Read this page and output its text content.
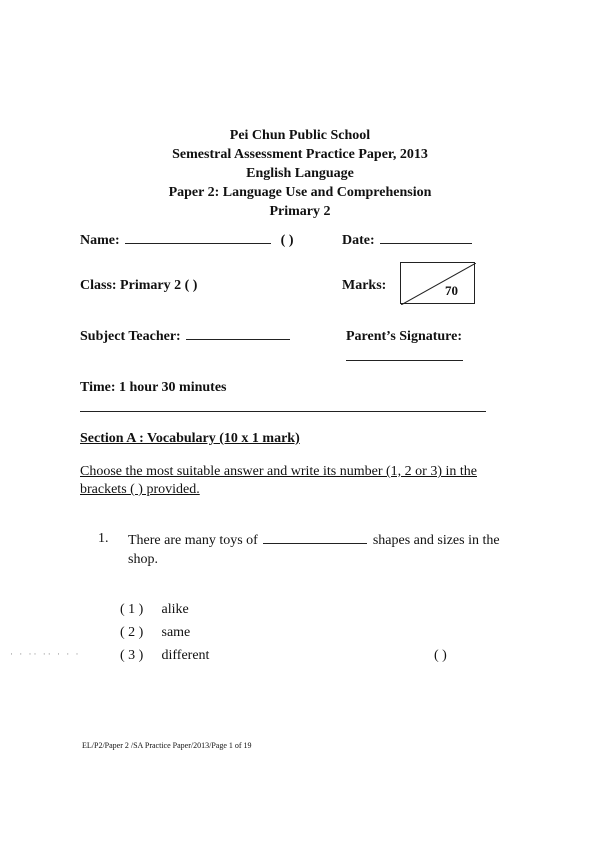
Pei Chun Public School
Semestral Assessment Practice Paper, 2013
English Language
Paper 2: Language Use and Comprehension
Primary 2
Name:	( )	Date:
Class: Primary 2 ( )	Marks:	70
Subject Teacher:	Parent’s Signature:
Time: 1 hour 30 minutes
Section A : Vocabulary (10 x 1 mark)
Choose the most suitable answer and write its number (1, 2 or 3) in the brackets ( ) provided.
1. There are many toys of	shapes and sizes in the shop.
( 1 ) alike
( 2 ) same
( 3 ) different	( )
· · ·· ·· · · ·
EL/P2/Paper 2 /SA Practice Paper/2013/Page 1 of 19
